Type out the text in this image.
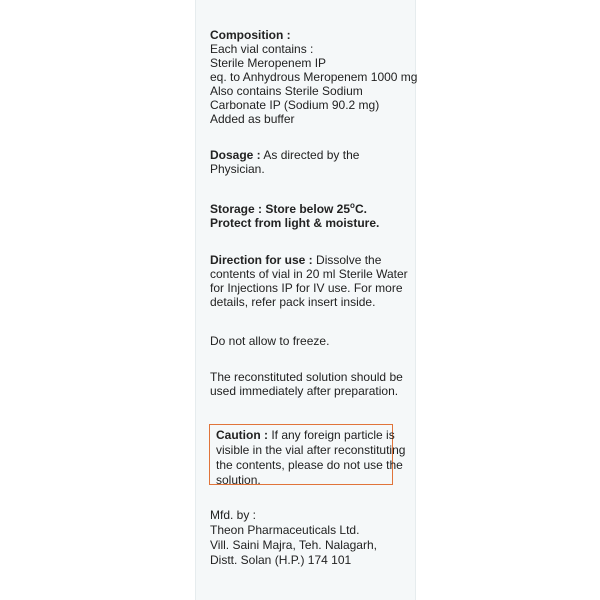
Composition :
Each vial contains :
Sterile Meropenem IP
eq. to Anhydrous Meropenem 1000 mg
Also contains Sterile Sodium
Carbonate IP (Sodium 90.2 mg)
Added as buffer
Dosage : As directed by the
Physician.
Storage : Store below 25$^o$C.
Protect from light & moisture.
Direction for use : Dissolve the
contents of vial in 20 ml Sterile Water
for Injections IP for IV use. For more
details, refer pack insert inside.
Do not allow to freeze.
The reconstituted solution should be
used immediately after preparation.
Caution : If any foreign particle is
visible in the vial after reconstituting
the contents, please do not use the
solution.
Mfd. by :
Theon Pharmaceuticals Ltd.
Vill. Saini Majra, Teh. Nalagarh,
Distt. Solan (H.P.) 174 101
